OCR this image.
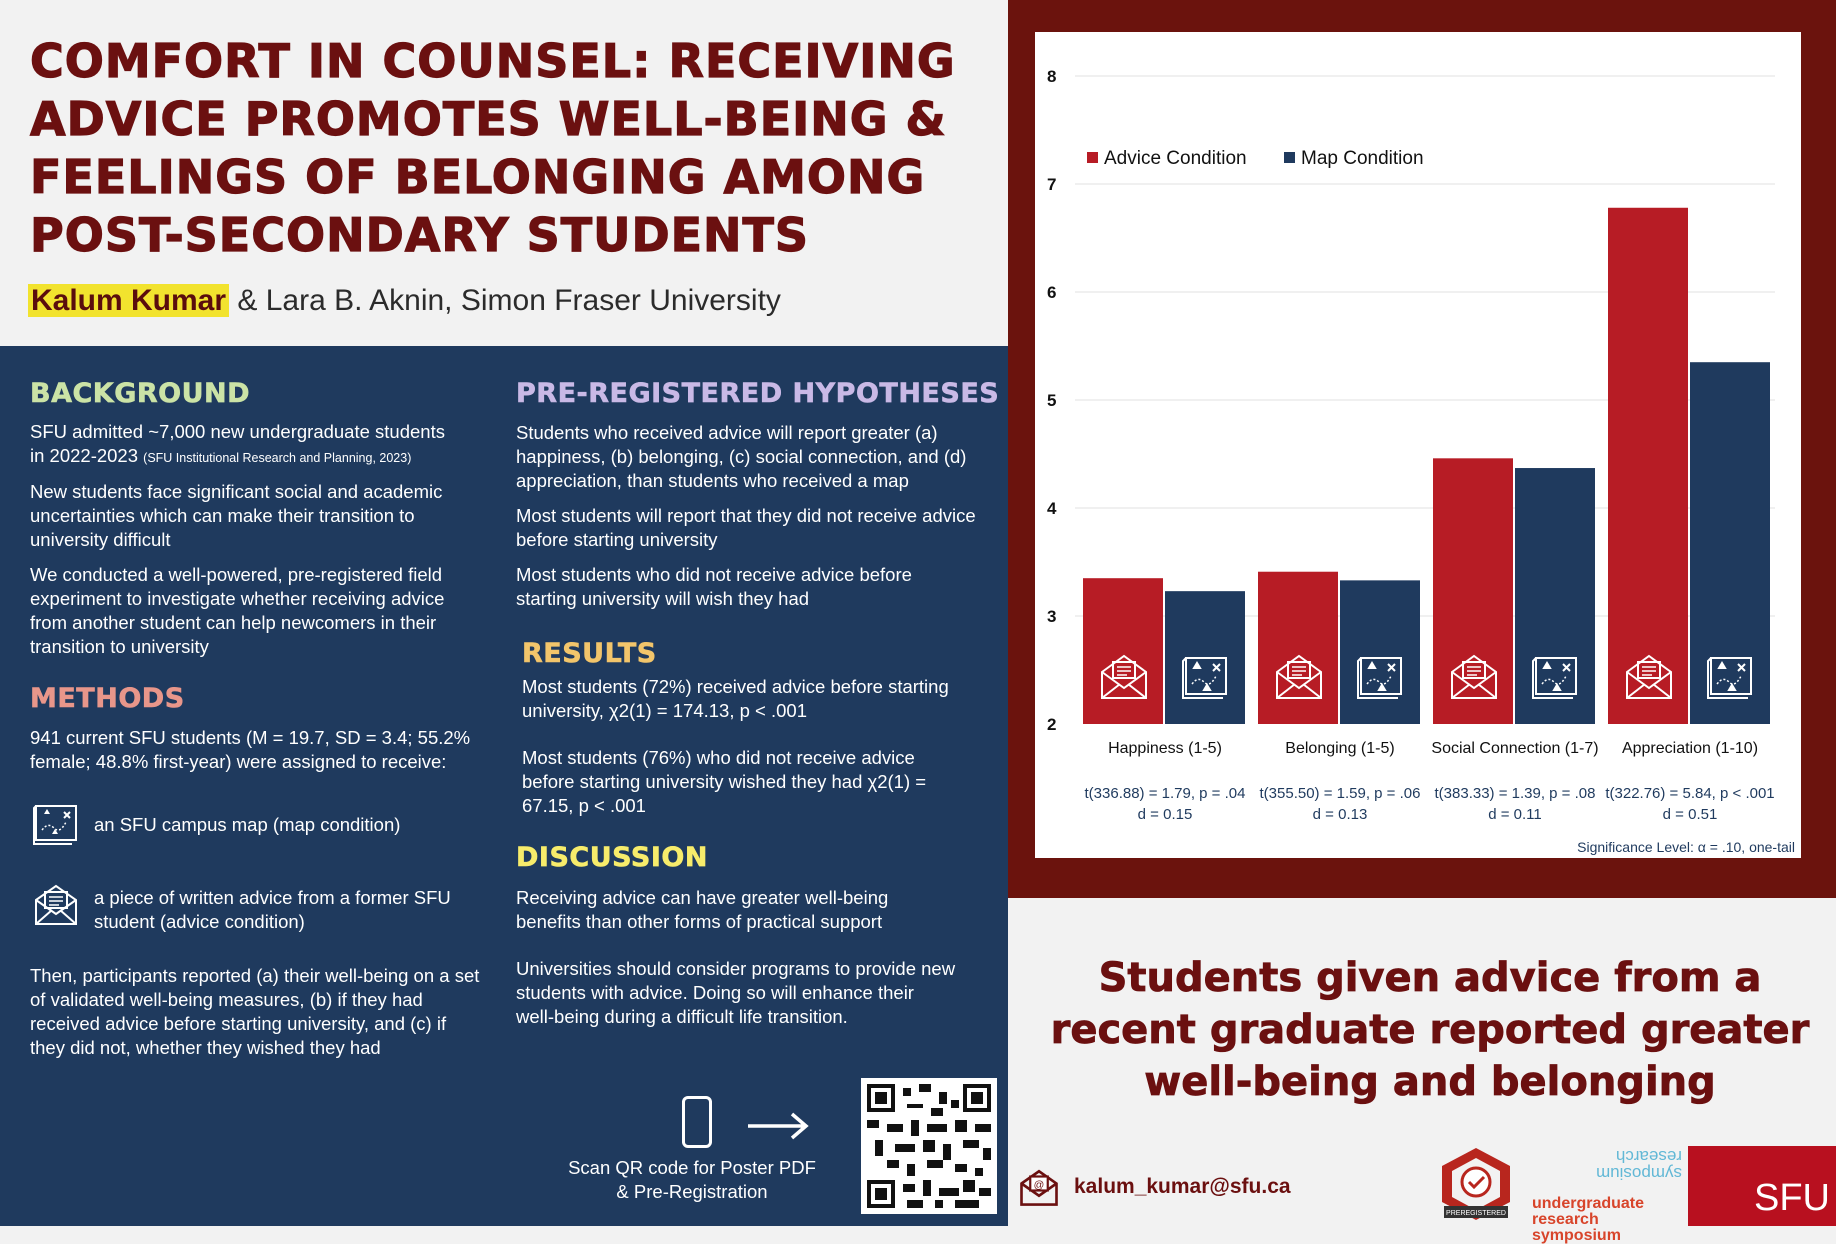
COMFORT IN COUNSEL: RECEIVING ADVICE PROMOTES WELL-BEING & FEELINGS OF BELONGING AMONG POST-SECONDARY STUDENTS
Kalum Kumar & Lara B. Aknin, Simon Fraser University
BACKGROUND
SFU admitted ~7,000 new undergraduate students in 2022-2023 (SFU Institutional Research and Planning, 2023)
New students face significant social and academic uncertainties which can make their transition to university difficult
We conducted a well-powered, pre-registered field experiment to investigate whether receiving advice from another student can help newcomers in their transition to university
METHODS
941 current SFU students (M = 19.7, SD = 3.4; 55.2% female; 48.8% first-year) were assigned to receive:
an SFU campus map (map condition)
a piece of written advice from a former SFU student (advice condition)
Then, participants reported (a) their well-being on a set of validated well-being measures, (b) if they had received advice before starting university, and (c) if they did not, whether they wished they had
PRE-REGISTERED HYPOTHESES
Students who received advice will report greater (a) happiness, (b) belonging, (c) social connection, and (d) appreciation, than students who received a map
Most students will report that they did not receive advice before starting university
Most students who did not receive advice before starting university will wish they had
RESULTS
Most students (72%) received advice before starting university, χ2(1) = 174.13, p < .001
Most students (76%) who did not receive advice before starting university wished they had χ2(1) = 67.15, p < .001
DISCUSSION
Receiving advice can have greater well-being benefits than other forms of practical support
Universities should consider programs to provide new students with advice. Doing so will enhance their well-being during a difficult life transition.
Scan QR code for Poster PDF
& Pre-Registration
2
3
4
5
6
7
8
Happiness (1-5)	Belonging (1-5) Social Connection (1-7) Appreciation (1-10)
t(336.88) = 1.79, p = .04
d = 0.15
t(355.50) = 1.59, p = .06
d = 0.13
t(383.33) = 1.39, p = .08
d = 0.11
t(322.76) = 5.84, p < .001
d = 0.51
Advice Condition	Map Condition
Significance Level: α = .10, one-tail
Students given advice from a recent graduate reported greater well-being and belonging
@ kalum_kumar@sfu.ca
PREREGISTERED
symposium research
undergraduate
research
symposium
SFU
